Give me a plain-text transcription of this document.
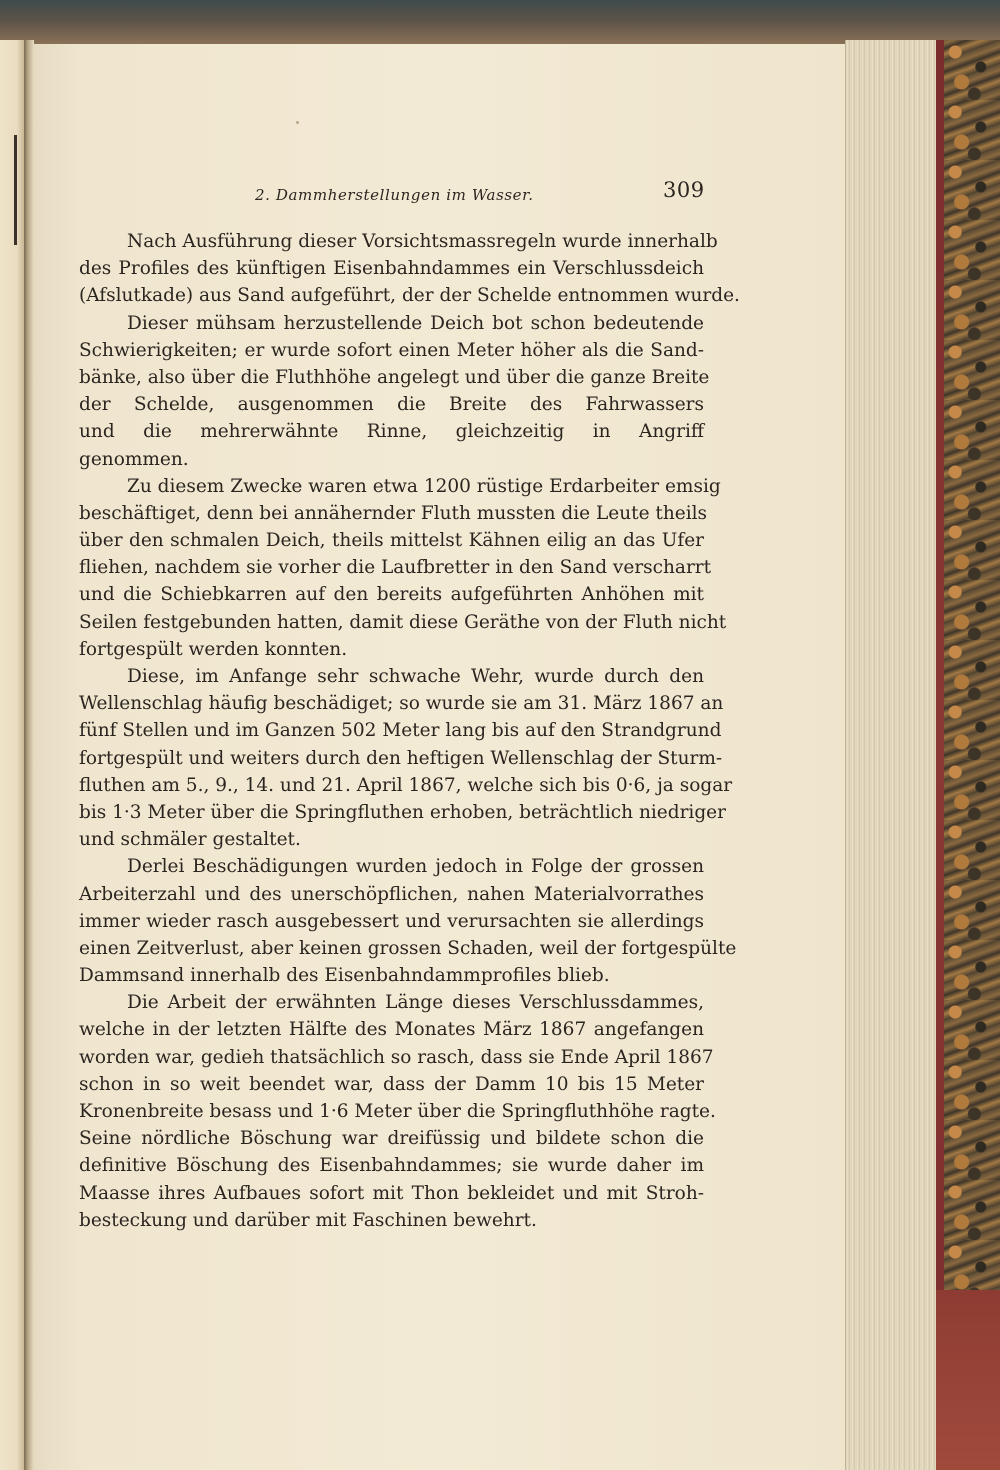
2. Dammherstellungen im Wasser.	309
Nach Ausführung dieser Vorsichtsmassregeln wurde innerhalb
des Profiles des künftigen Eisenbahndammes ein Verschlussdeich
(Afslutkade) aus Sand aufgeführt, der der Schelde entnommen wurde.
Dieser mühsam herzustellende Deich bot schon bedeutende
Schwierigkeiten; er wurde sofort einen Meter höher als die Sand-
bänke, also über die Fluthhöhe angelegt und über die ganze Breite
der Schelde, ausgenommen die Breite des Fahrwassers
und die mehrerwähnte Rinne, gleichzeitig in Angriff
genommen.
Zu diesem Zwecke waren etwa 1200 rüstige Erdarbeiter emsig
beschäftiget, denn bei annähernder Fluth mussten die Leute theils
über den schmalen Deich, theils mittelst Kähnen eilig an das Ufer
fliehen, nachdem sie vorher die Laufbretter in den Sand verscharrt
und die Schiebkarren auf den bereits aufgeführten Anhöhen mit
Seilen festgebunden hatten, damit diese Geräthe von der Fluth nicht
fortgespült werden konnten.
Diese, im Anfange sehr schwache Wehr, wurde durch den
Wellenschlag häufig beschädiget; so wurde sie am 31. März 1867 an
fünf Stellen und im Ganzen 502 Meter lang bis auf den Strandgrund
fortgespült und weiters durch den heftigen Wellenschlag der Sturm-
fluthen am 5., 9., 14. und 21. April 1867, welche sich bis 0·6, ja sogar
bis 1·3 Meter über die Springfluthen erhoben, beträchtlich niedriger
und schmäler gestaltet.
Derlei Beschädigungen wurden jedoch in Folge der grossen
Arbeiterzahl und des unerschöpflichen, nahen Materialvorrathes
immer wieder rasch ausgebessert und verursachten sie allerdings
einen Zeitverlust, aber keinen grossen Schaden, weil der fortgespülte
Dammsand innerhalb des Eisenbahndammprofiles blieb.
Die Arbeit der erwähnten Länge dieses Verschlussdammes,
welche in der letzten Hälfte des Monates März 1867 angefangen
worden war, gedieh thatsächlich so rasch, dass sie Ende April 1867
schon in so weit beendet war, dass der Damm 10 bis 15 Meter
Kronenbreite besass und 1·6 Meter über die Springfluthhöhe ragte.
Seine nördliche Böschung war dreifüssig und bildete schon die
definitive Böschung des Eisenbahndammes; sie wurde daher im
Maasse ihres Aufbaues sofort mit Thon bekleidet und mit Stroh-
besteckung und darüber mit Faschinen bewehrt.
